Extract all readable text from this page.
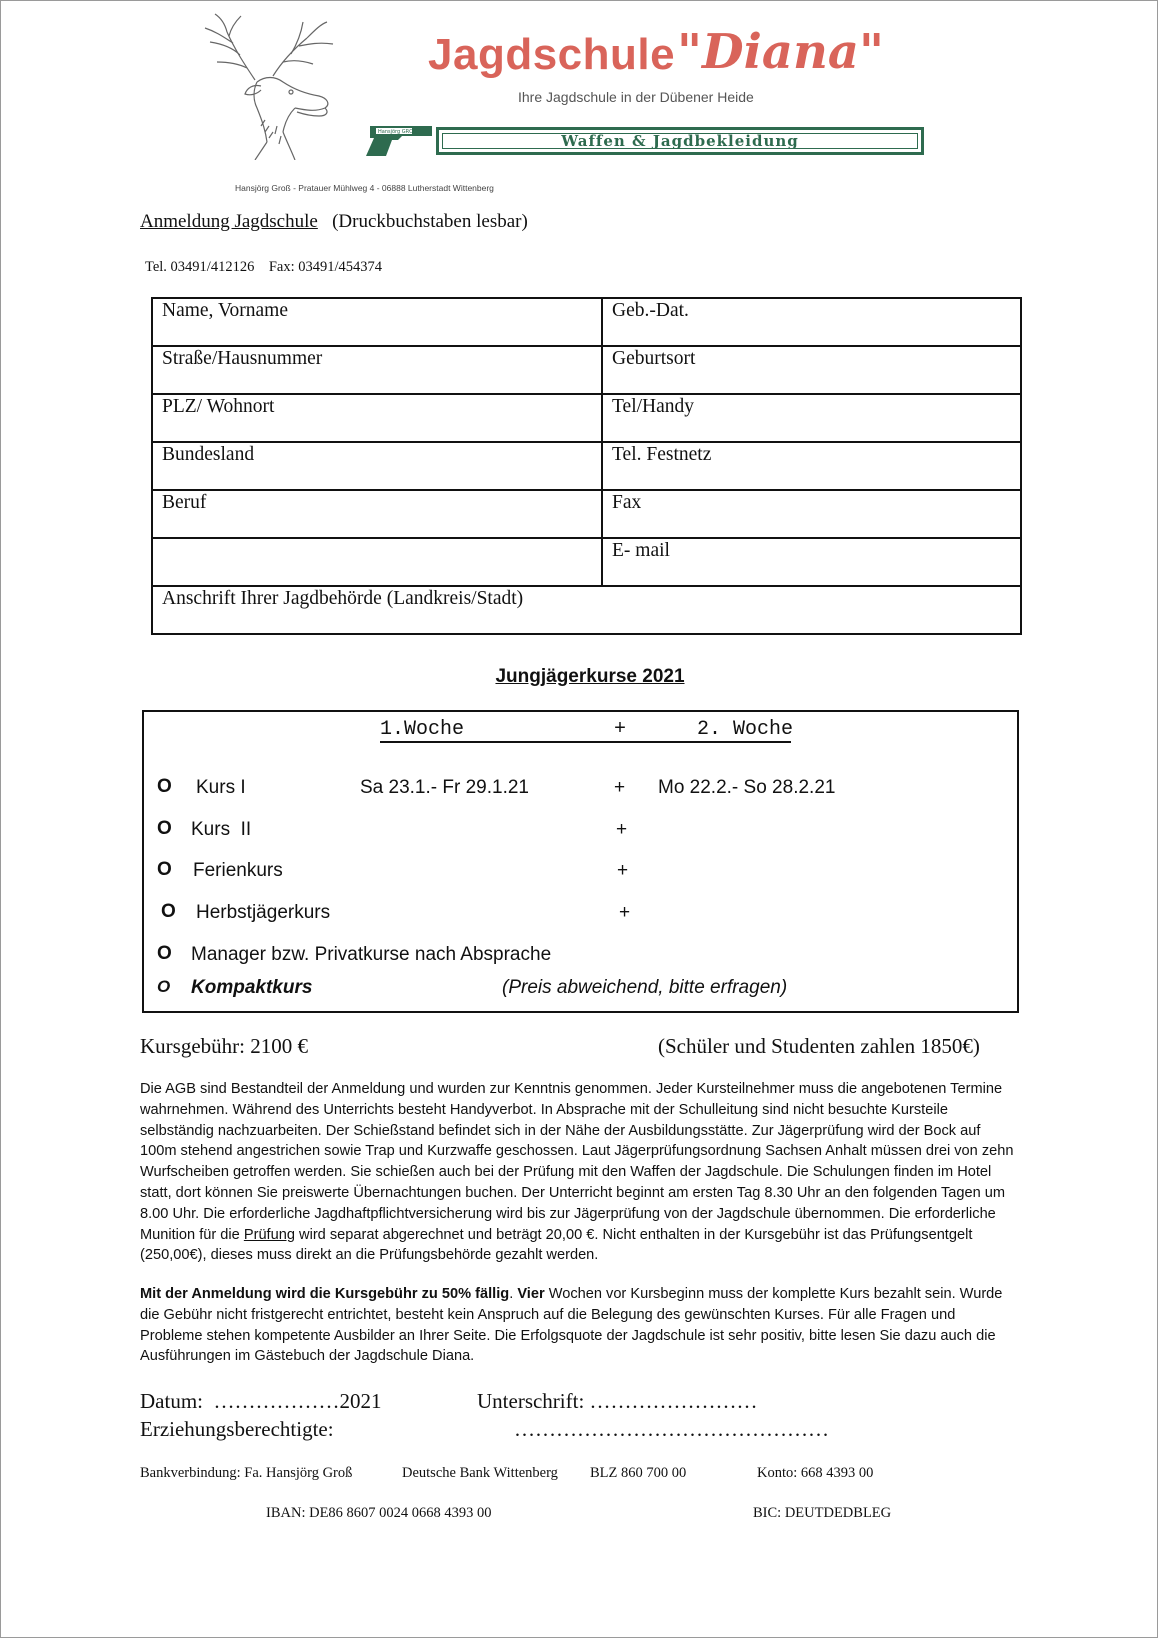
Jagdschule "Diana"
Ihre Jagdschule in der Dübener Heide
Hansjörg GROß	Waffen & Jagdbekleidung
Hansjörg Groß - Pratauer Mühlweg 4 - 06888 Lutherstadt Wittenberg
Anmeldung Jagdschule (Druckbuchstaben lesbar)
Tel. 03491/412126    Fax: 03491/454374
Name, Vorname	Geb.-Dat.
Straße/Hausnummer	Geburtsort
PLZ/ Wohnort	Tel/Handy
Bundesland	Tel. Festnetz
Beruf	Fax
	E- mail
Anschrift Ihrer Jagdbehörde (Landkreis/Stadt)	
Jungjägerkurse 2021
1.Woche	+	2. Woche
O Kurs I	Sa 23.1.- Fr 29.1.21	+ Mo 22.2.- So 28.2.21
O Kurs  II	+
O Ferienkurs	+
O Herbstjägerkurs	+
O Manager bzw. Privatkurse nach Absprache
O Kompaktkurs	(Preis abweichend, bitte erfragen)
Kursgebühr: 2100 €	(Schüler und Studenten zahlen 1850€)
Die AGB sind Bestandteil der Anmeldung und wurden zur Kenntnis genommen. Jeder Kursteilnehmer muss die angebotenen Termine wahrnehmen. Während des Unterrichts besteht Handyverbot. In Absprache mit der Schulleitung sind nicht besuchte Kursteile selbständig nachzuarbeiten. Der Schießstand befindet sich in der Nähe der Ausbildungsstätte. Zur Jägerprüfung wird der Bock auf 100m stehend angestrichen sowie Trap und Kurzwaffe geschossen. Laut Jägerprüfungsordnung Sachsen Anhalt müssen drei von zehn Wurfscheiben getroffen werden. Sie schießen auch bei der Prüfung mit den Waffen der Jagdschule. Die Schulungen finden im Hotel statt, dort können Sie preiswerte Übernachtungen buchen. Der Unterricht beginnt am ersten Tag 8.30 Uhr an den folgenden Tagen um 8.00 Uhr. Die erforderliche Jagdhaftpflichtversicherung wird bis zur Jägerprüfung von der Jagdschule übernommen. Die erforderliche Munition für die Prüfung wird separat abgerechnet und beträgt 20,00 €. Nicht enthalten in der Kursgebühr ist das Prüfungsentgelt (250,00€), dieses muss direkt an die Prüfungsbehörde gezahlt werden.
Mit der Anmeldung wird die Kursgebühr zu 50% fällig. Vier Wochen vor Kursbeginn muss der komplette Kurs bezahlt sein. Wurde die Gebühr nicht fristgerecht entrichtet, besteht kein Anspruch auf die Belegung des gewünschten Kurses. Für alle Fragen und Probleme stehen kompetente Ausbilder an Ihrer Seite. Die Erfolgsquote der Jagdschule ist sehr positiv, bitte lesen Sie dazu auch die Ausführungen im Gästebuch der Jagdschule Diana.
Datum:  ………………2021	Unterschrift: ……………………
Erziehungsberechtigte:	………………………………………
Bankverbindung: Fa. Hansjörg Groß	Deutsche Bank Wittenberg BLZ 860 700 00	Konto: 668 4393 00
IBAN: DE86 8607 0024 0668 4393 00	BIC: DEUTDEDBLEG
